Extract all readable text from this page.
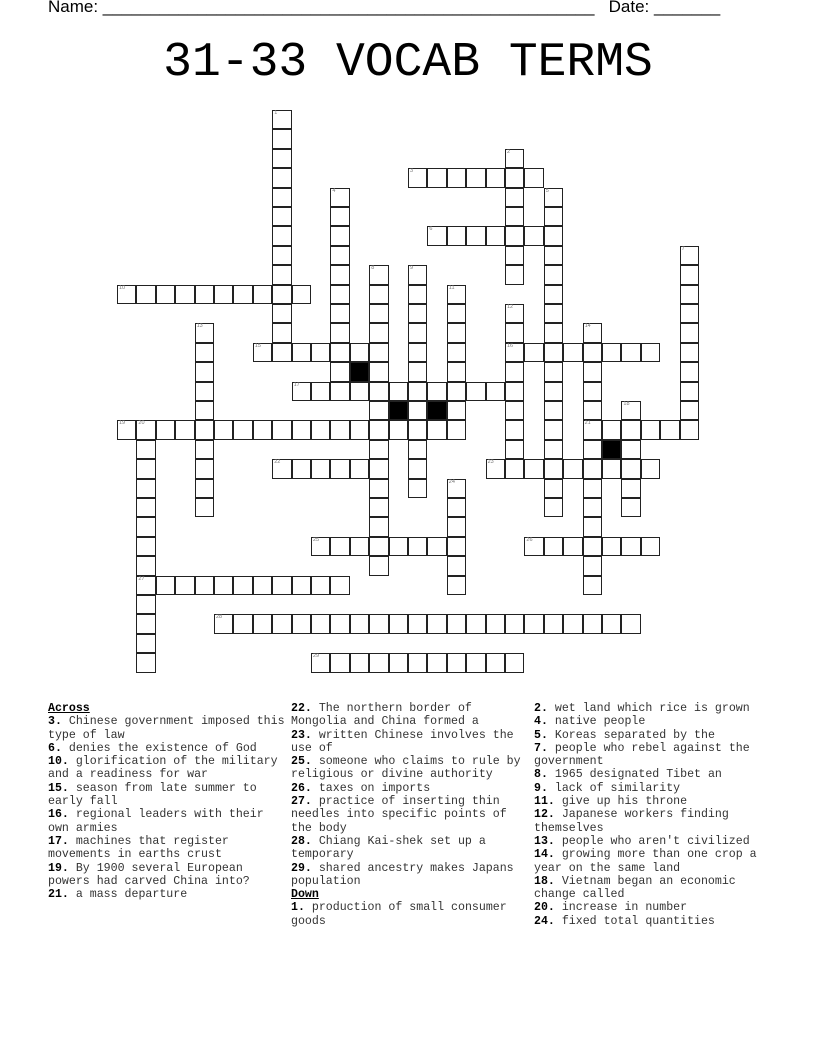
Name: ____________________________________________________ Date: _______
31-33 VOCAB TERMS
1
2
3
4	5
6
7
8	9
10	11
12
16
13	14
21
15
17
18
19 20
27
22	23
24
25	26
28
29
Across
3. Chinese government imposed this type of law
6. denies the existence of God
10. glorification of the military and a readiness for war
15. season from late summer to early fall
16. regional leaders with their own armies
17. machines that register movements in earths crust
19. By 1900 several European powers had carved China into?
21. a mass departure
22. The northern border of Mongolia and China formed a
23. written Chinese involves the use of
25. someone who claims to rule by religious or divine authority
26. taxes on imports
27. practice of inserting thin needles into specific points of the body
28. Chiang Kai-shek set up a temporary
29. shared ancestry makes Japans population
Down
1. production of small consumer goods
2. wet land which rice is grown
4. native people
5. Koreas separated by the
7. people who rebel against the government
8. 1965 designated Tibet an
9. lack of similarity
11. give up his throne
12. Japanese workers finding themselves
13. people who aren't civilized
14. growing more than one crop a year on the same land
18. Vietnam began an economic change called
20. increase in number
24. fixed total quantities
